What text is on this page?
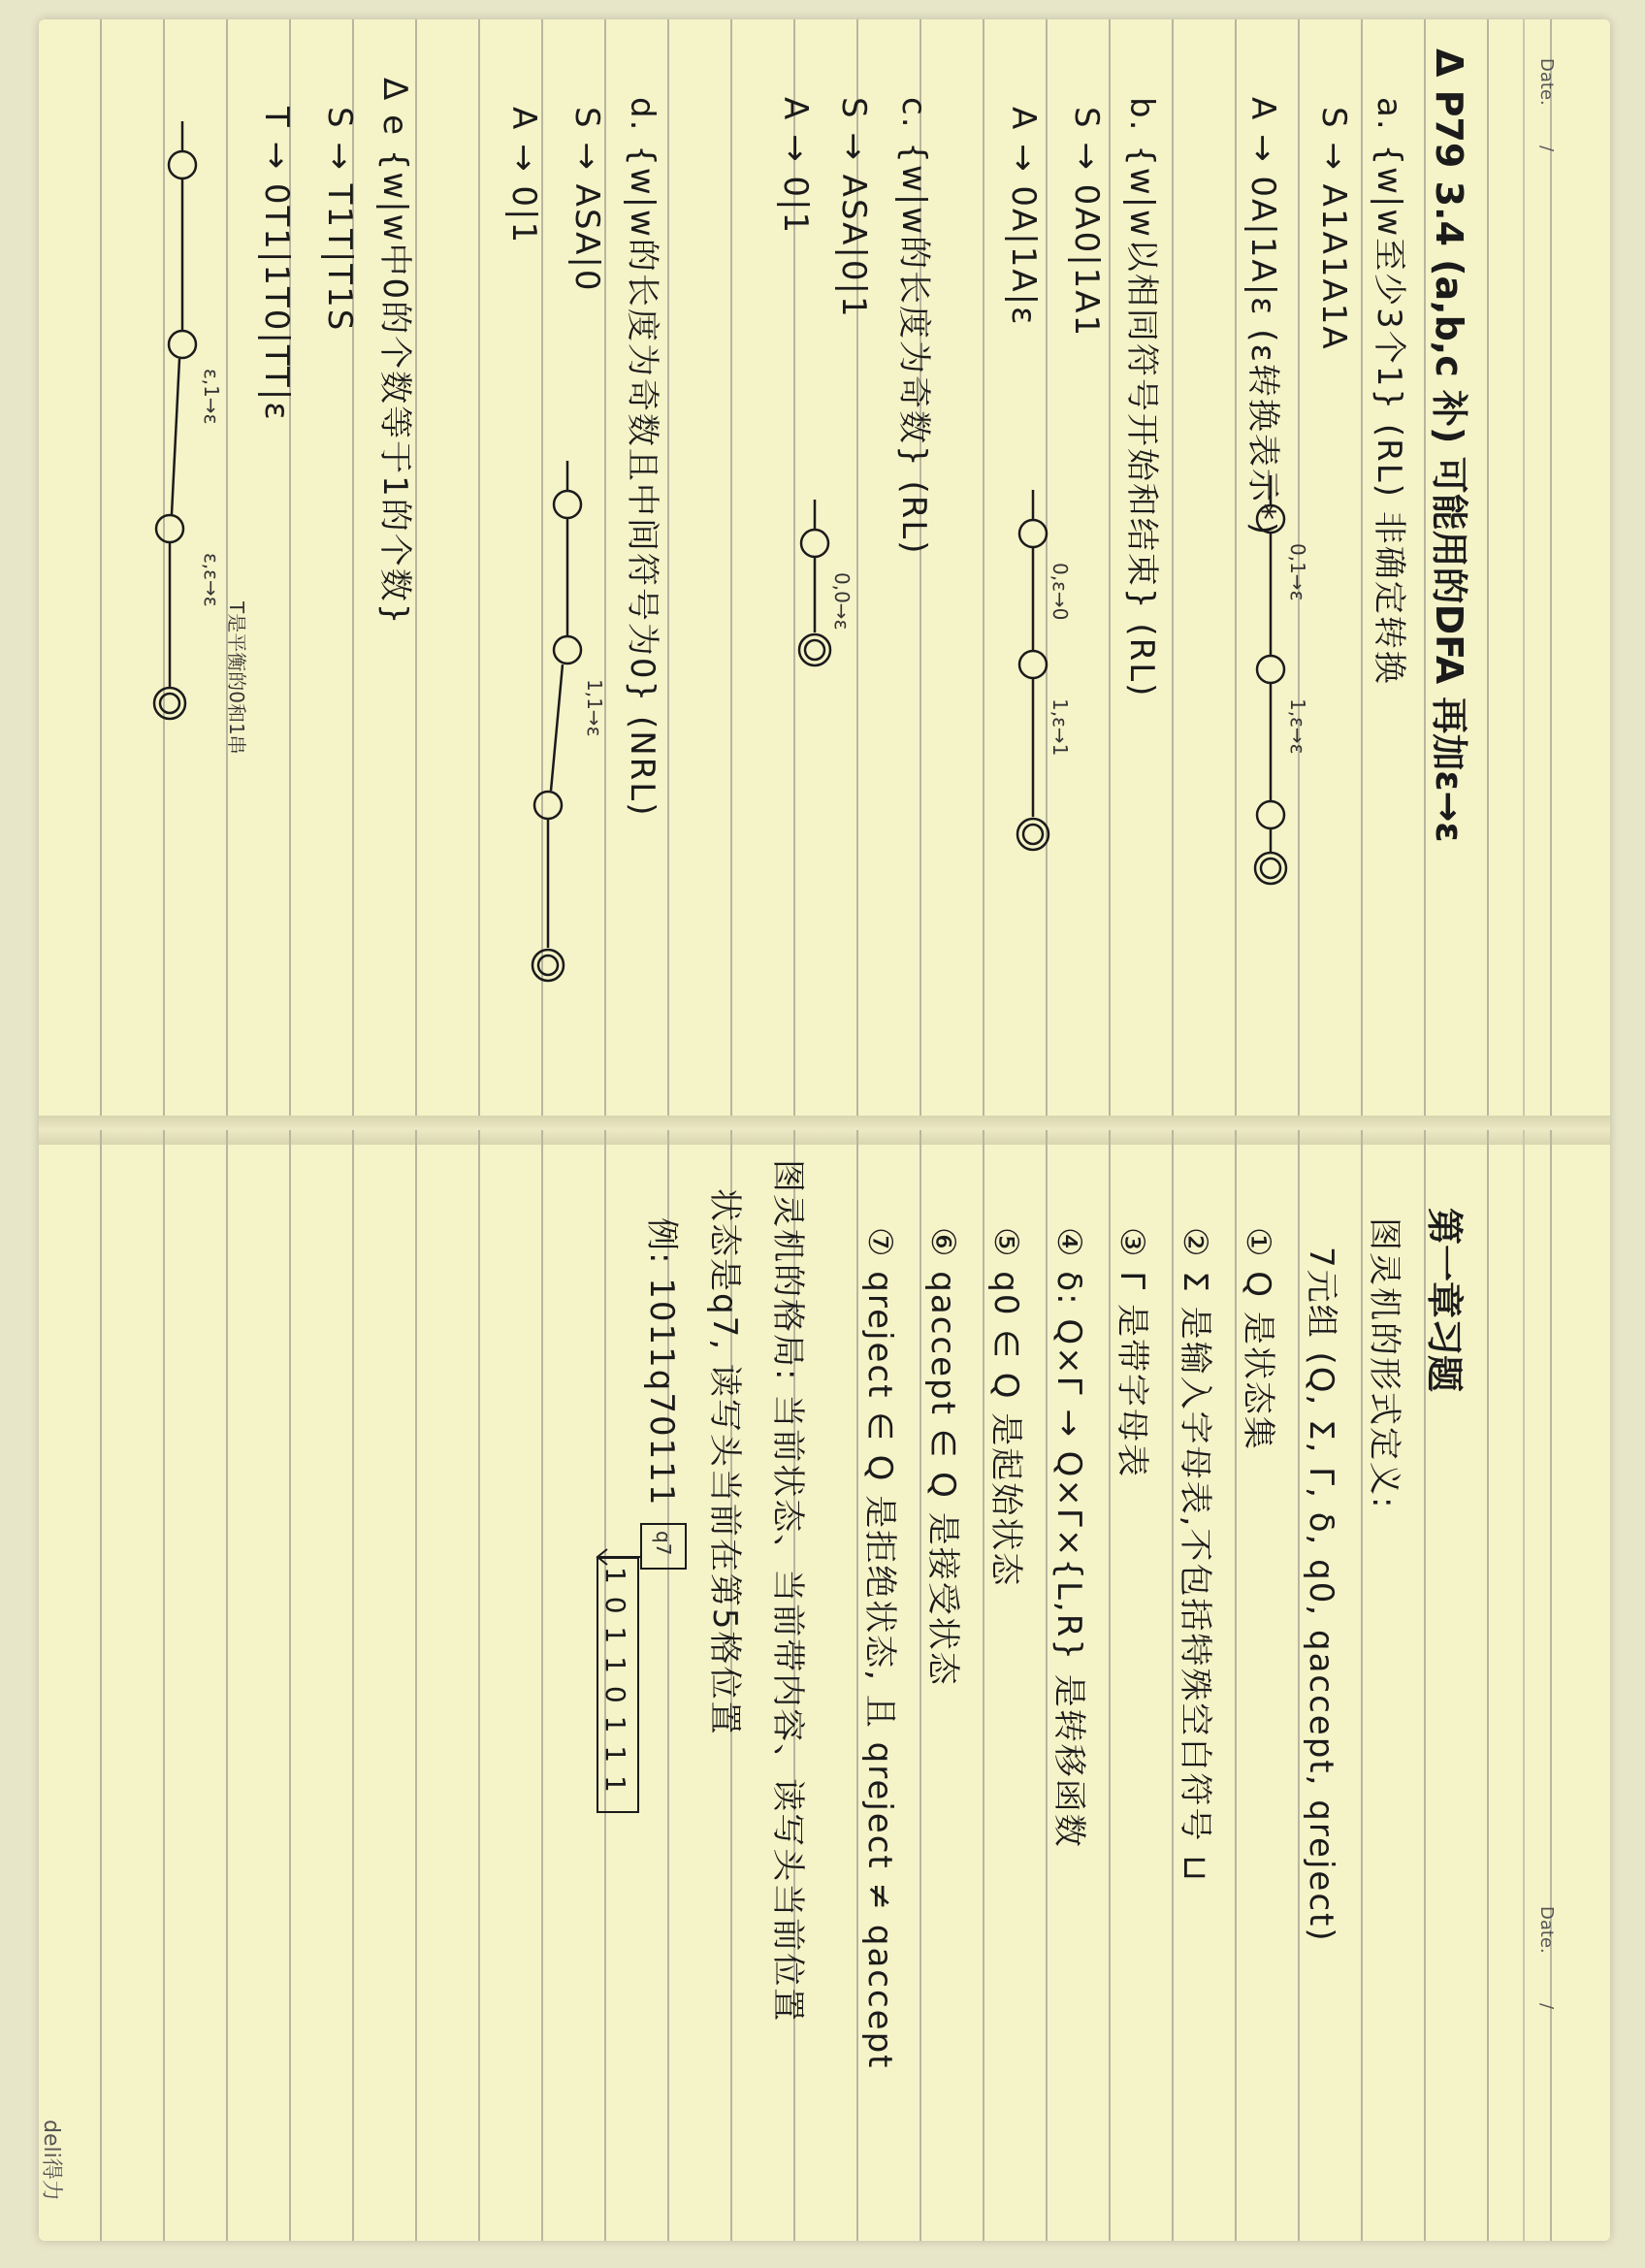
Date.
/
Δ P79 3.4 (a,b,c 补) 可能用的DFA 再加ε→ε
a. {w|w至少3个1} (RL) 非确定转换
S → A1A1A1A
A → 0A|1A|ε (ε转换表示*)
b. {w|w以相同符号开始和结束} (RL)
S → 0A0|1A1
A → 0A|1A|ε
c. {w|w的长度为奇数} (RL)
S → ASA|0|1
A → 0|1
d. {w|w的长度为奇数且中间符号为0} (NRL)
S → ASA|0
A → 0|1
Δ e {w|w中0的个数等于1的个数}
S → T1T|T1S
T → 0T1|1T0|TT|ε
T是平衡的0和1串
0,1→ε
1,ε→ε
0,ε→0
1,ε→1
0,0→ε
1,1→ε
ε,1→ε
ε,ε→ε
Date.
/
deli得力
第一章习题
图灵机的形式定义:
7元组 (Q, Σ, Γ, δ, q0, qaccept, qreject)
① Q 是状态集
② Σ 是输入字母表,不包括特殊空白符号 ⊔
③ Γ 是带字母表
④ δ: Q×Γ → Q×Γ×{L,R} 是转移函数
⑤ q0 ∈ Q 是起始状态
⑥ qaccept ∈ Q 是接受状态
⑦ qreject ∈ Q 是拒绝状态, 且 qreject ≠ qaccept
图灵机的格局: 当前状态、当前带内容、读写头当前位置
状态是q7, 读写头当前在第5格位置
例: 1011q70111
1 0 1 1 0 1 1 1
q7
